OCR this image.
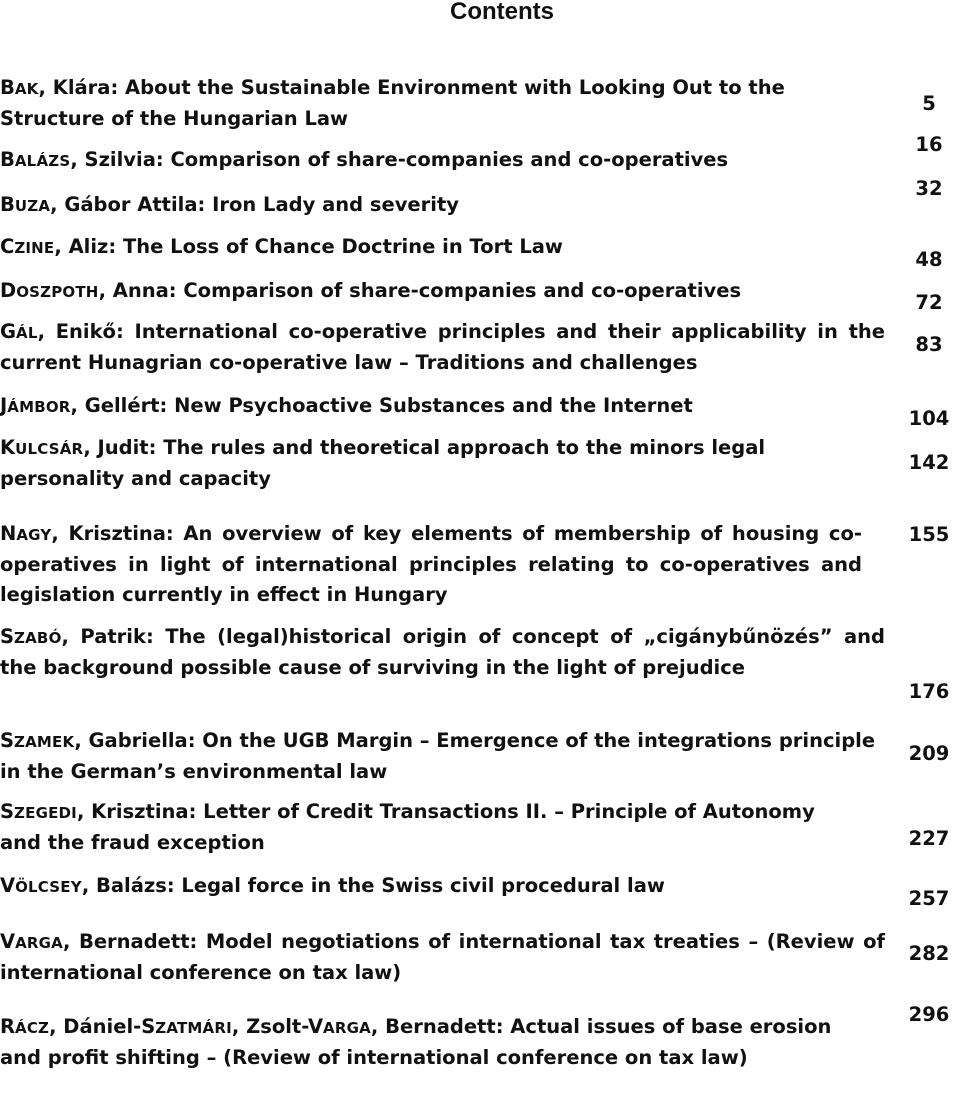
Contents
BAK, Klára: About the Sustainable Environment with Looking Out to the Structure of the Hungarian Law
5
BALÁZS, Szilvia: Comparison of share-companies and co-operatives
16
BUZA, Gábor Attila: Iron Lady and severity
32
CZINE, Aliz: The Loss of Chance Doctrine in Tort Law
48
DOSZPOTH, Anna: Comparison of share-companies and co-operatives
72
GÁL, Enikő: International co-operative principles and their applicability in the current Hunagrian co-operative law – Traditions and challenges
83
JÁMBOR, Gellért: New Psychoactive Substances and the Internet
104
KULCSÁR, Judit: The rules and theoretical approach to the minors legal personality and capacity
142
NAGY, Krisztina: An overview of key elements of membership of housing co-operatives in light of international principles relating to co-operatives and legislation currently in effect in Hungary
155
SZABÓ, Patrik: The (legal)historical origin of concept of „cigánybűnözés” and the background possible cause of surviving in the light of prejudice
176
SZAMEK, Gabriella: On the UGB Margin – Emergence of the integrations principle in the German’s environmental law
209
SZEGEDI, Krisztina: Letter of Credit Transactions II. – Principle of Autonomy and the fraud exception	227
VÖLCSEY, Balázs: Legal force in the Swiss civil procedural law
257
VARGA, Bernadett: Model negotiations of international tax treaties – (Review of international conference on tax law)
282
RÁCZ, Dániel-SZATMÁRI, Zsolt-VARGA, Bernadett: Actual issues of base erosion and profit shifting – (Review of international conference on tax law)
296
